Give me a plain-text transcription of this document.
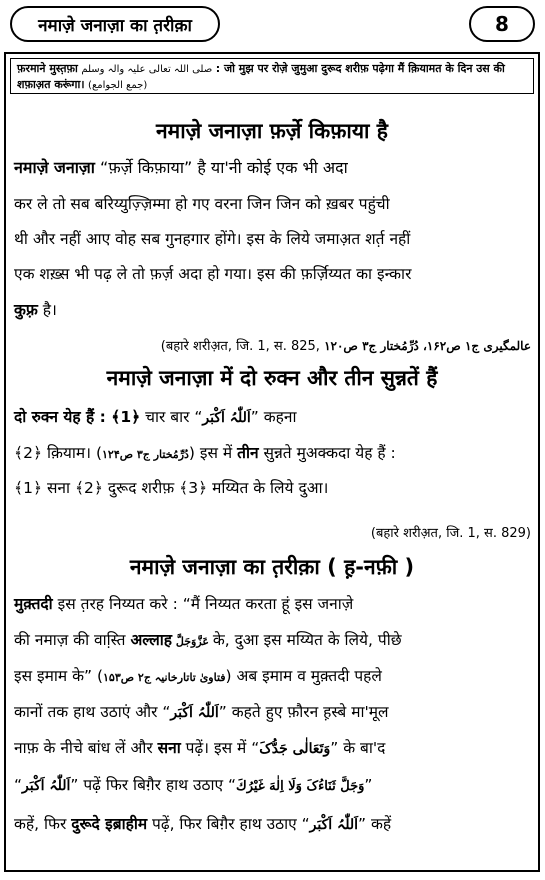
नमाज़े जनाज़ा का त़रीक़ा	8
फ़रमाने मुस्त़फ़ा صلی اللہ تعالی علیہ والہ وسلم : जो मुझ पर रोज़े जुमुआ दुरूद शरीफ़ पढ़ेगा मैं क़ियामत के दिन उस की
शफ़ाअ़त करूंगा। (جمع الجوامع)
नमाज़े जनाज़ा फ़र्ज़े किफ़ाया है
नमाज़े जनाज़ा “फ़र्ज़े किफ़ाया” है या'नी कोई एक भी अदा
कर ले तो सब बरिय्युज़्ज़िम्मा हो गए वरना जिन जिन को ख़बर पहुंची
थी और नहीं आए वोह सब गुनहगार होंगे। इस के लिये जमाअ़त शर्त़ नहीं
एक शख़्स भी पढ़ ले तो फ़र्ज़ अदा हो गया। इस की फ़र्ज़िय्यत का इन्कार
कुफ़्र है।
(बहारे शरीअ़त, जि. 1, स. 825, عالمگیری ج۱ ص۱۶۲، دُرِّمُختار ج۳ ص۱۲۰
नमाज़े जनाज़ा में दो रुक्न और तीन सुन्नतें हैं
दो रुक्न येह हैं : ﴾1﴿ चार बार “اَللّٰہُ اَکْبَر” कहना
﴾2﴿ क़ियाम। (دُرِّمُختار ج۳ ص۱۲۴) इस में तीन सुन्नते मुअक्कदा येह हैं :
﴾1﴿ सना ﴾2﴿ दुरूद शरीफ़ ﴾3﴿ मय्यित के लिये दुआ।
(बहारे शरीअ़त, जि. 1, स. 829)
नमाज़े जनाज़ा का त़रीक़ा ( ह़-नफ़ी )
मुक़्तदी इस त़रह निय्यत करे : “मैं निय्यत करता हूं इस जनाज़े
की नमाज़ की वास्ति़ अल्लाह عَزَّوَجَلَّ के, दुआ इस मय्यित के लिये, पीछे
इस इमाम के” (فتاویٰ تاتارخانیہ ج۲ ص۱۵۳) अब इमाम व मुक़्तदी पहले
कानों तक हाथ उठाएं और “اَللّٰہُ اَکْبَر” कहते हुए फ़ौरन ह़स्बे मा'मूल
नाफ़ के नीचे बांध लें और सना पढ़ें। इस में “وَتَعَالٰی جَدُّکَ” के बा'द
“اَللّٰہُ اَکْبَر” पढ़ें फिर बिग़ैर हाथ उठाए “وَجَلَّ ثَنَاءُکَ وَلَا اِلٰهَ غَیْرُكَ”
कहें, फिर दुरूदे इब्राहीम पढ़ें, फिर बिग़ैर हाथ उठाए “اَللّٰہُ اَکْبَر” कहें
